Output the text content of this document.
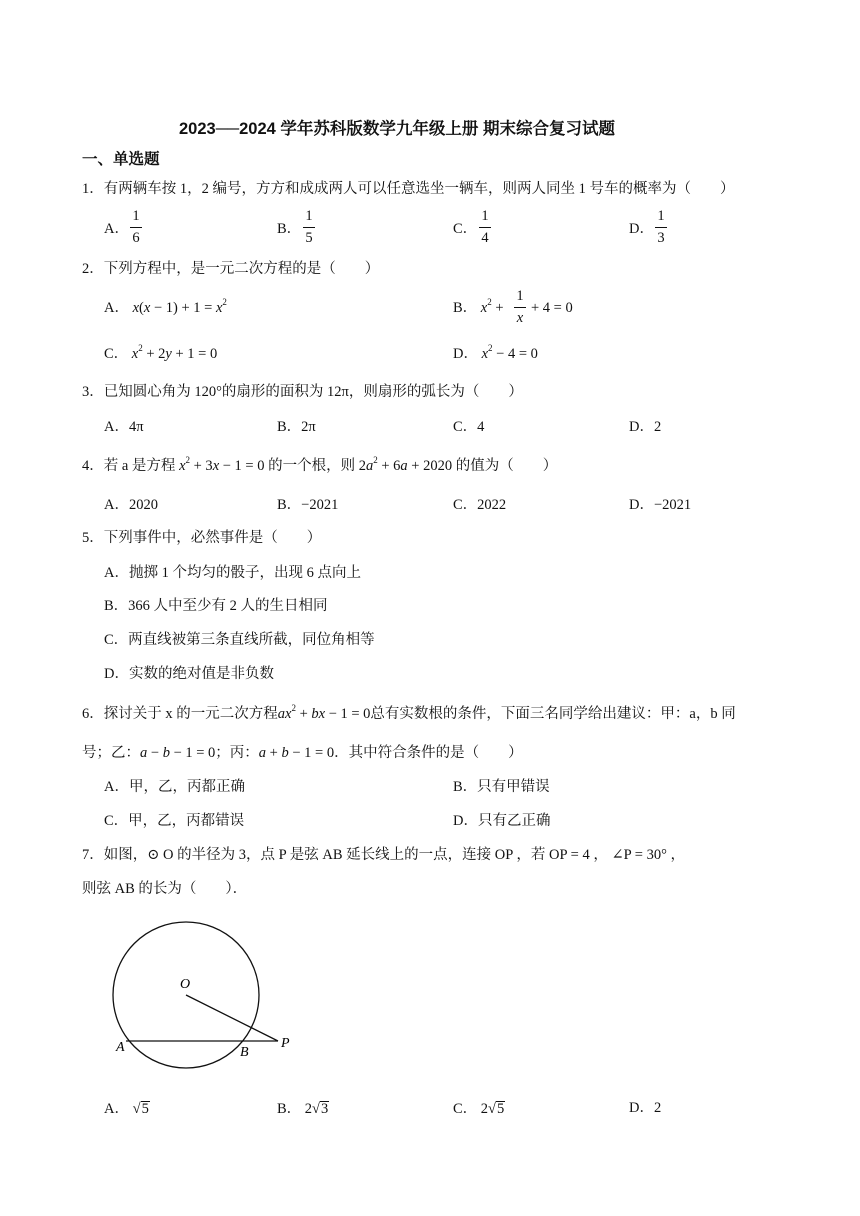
2023──2024 学年苏科版数学九年级上册 期末综合复习试题
一、单选题
1．有两辆车按 1，2 编号，方方和成成两人可以任意选坐一辆车，则两人同坐 1 号车的概率为（　　）
A．
1
6
B．
1
5
C．
1
4
D．
1
3
2．下列方程中，是一元二次方程的是（　　）
A． $x(x - 1) + 1 = x^2$	B． $x^2$ +
1
x
+ 4 = 0
C． $x^2 + 2y + 1 = 0$	D． $x^2 - 4 = 0$
3．已知圆心角为 120°的扇形的面积为 12π，则扇形的弧长为（　　）
A．4π	B．2π	C．4	D．2
4．若 a 是方程 $x^2 + 3x - 1 = 0$ 的一个根，则 $2a^2 + 6a + 2020$ 的值为（　　）
A．2020	B．−2021	C．2022	D．−2021
5．下列事件中，必然事件是（　　）
A．抛掷 1 个均匀的骰子，出现 6 点向上
B．366 人中至少有 2 人的生日相同
C．两直线被第三条直线所截，同位角相等
D．实数的绝对值是非负数
6．探讨关于 x 的一元二次方程$ax^2$ + bx − 1 = 0总有实数根的条件，下面三名同学给出建议：甲：a，b 同
号；乙：a − b − 1 = 0；丙：a + b − 1 = 0．其中符合条件的是（　　）
A．甲，乙，丙都正确	B．只有甲错误
C．甲，乙，丙都错误	D．只有乙正确
7．如图，⊙ O 的半径为 3，点 P 是弦 AB 延长线上的一点，连接 OP ，若 OP = 4 ， ∠P = 30° ，
则弦 AB 的长为（　　）．
O
A	B
P
A． √5	B． 2√3	C． 2√5	D．2
